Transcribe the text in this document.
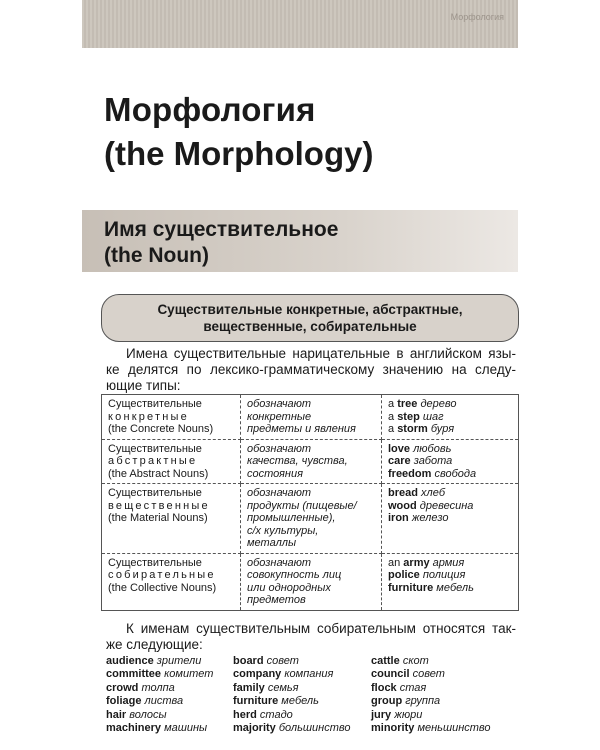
Морфология
Морфология
(the Morphology)
Имя существительное
(the Noun)
Существительные конкретные, абстрактные,
вещественные, собирательные
Имена существительные нарицательные в английском язы-
ке делятся по лексико-грамматическому значению на следу-
ющие типы:
Существительные
конкретные
(the Concrete Nouns)	обозначают
конкретные
предметы и явления	a tree дерево
a step шаг
a storm буря

Существительные
абстрактные
(the Abstract Nouns)	обозначают
качества, чувства,
состояния	love любовь
care забота
freedom свобода

Существительные
вещественные
(the Material Nouns)	обозначают
продукты (пищевые/
промышленные),
с/х культуры,
металлы	bread хлеб
wood древесина
iron железо

Существительные
собирательные
(the Collective Nouns)	обозначают
совокупность лиц
или однородных
предметов	an army армия
police полиция
furniture мебель
К именам существительным собирательным относятся так-
же следующие:
audience зрители
committee комитет
crowd толпа
foliage листва
hair волосы
machinery машины
board совет
company компания
family семья
furniture мебель
herd стадо
majority большинство
cattle скот
council совет
flock стая
group группа
jury жюри
minority меньшинство
